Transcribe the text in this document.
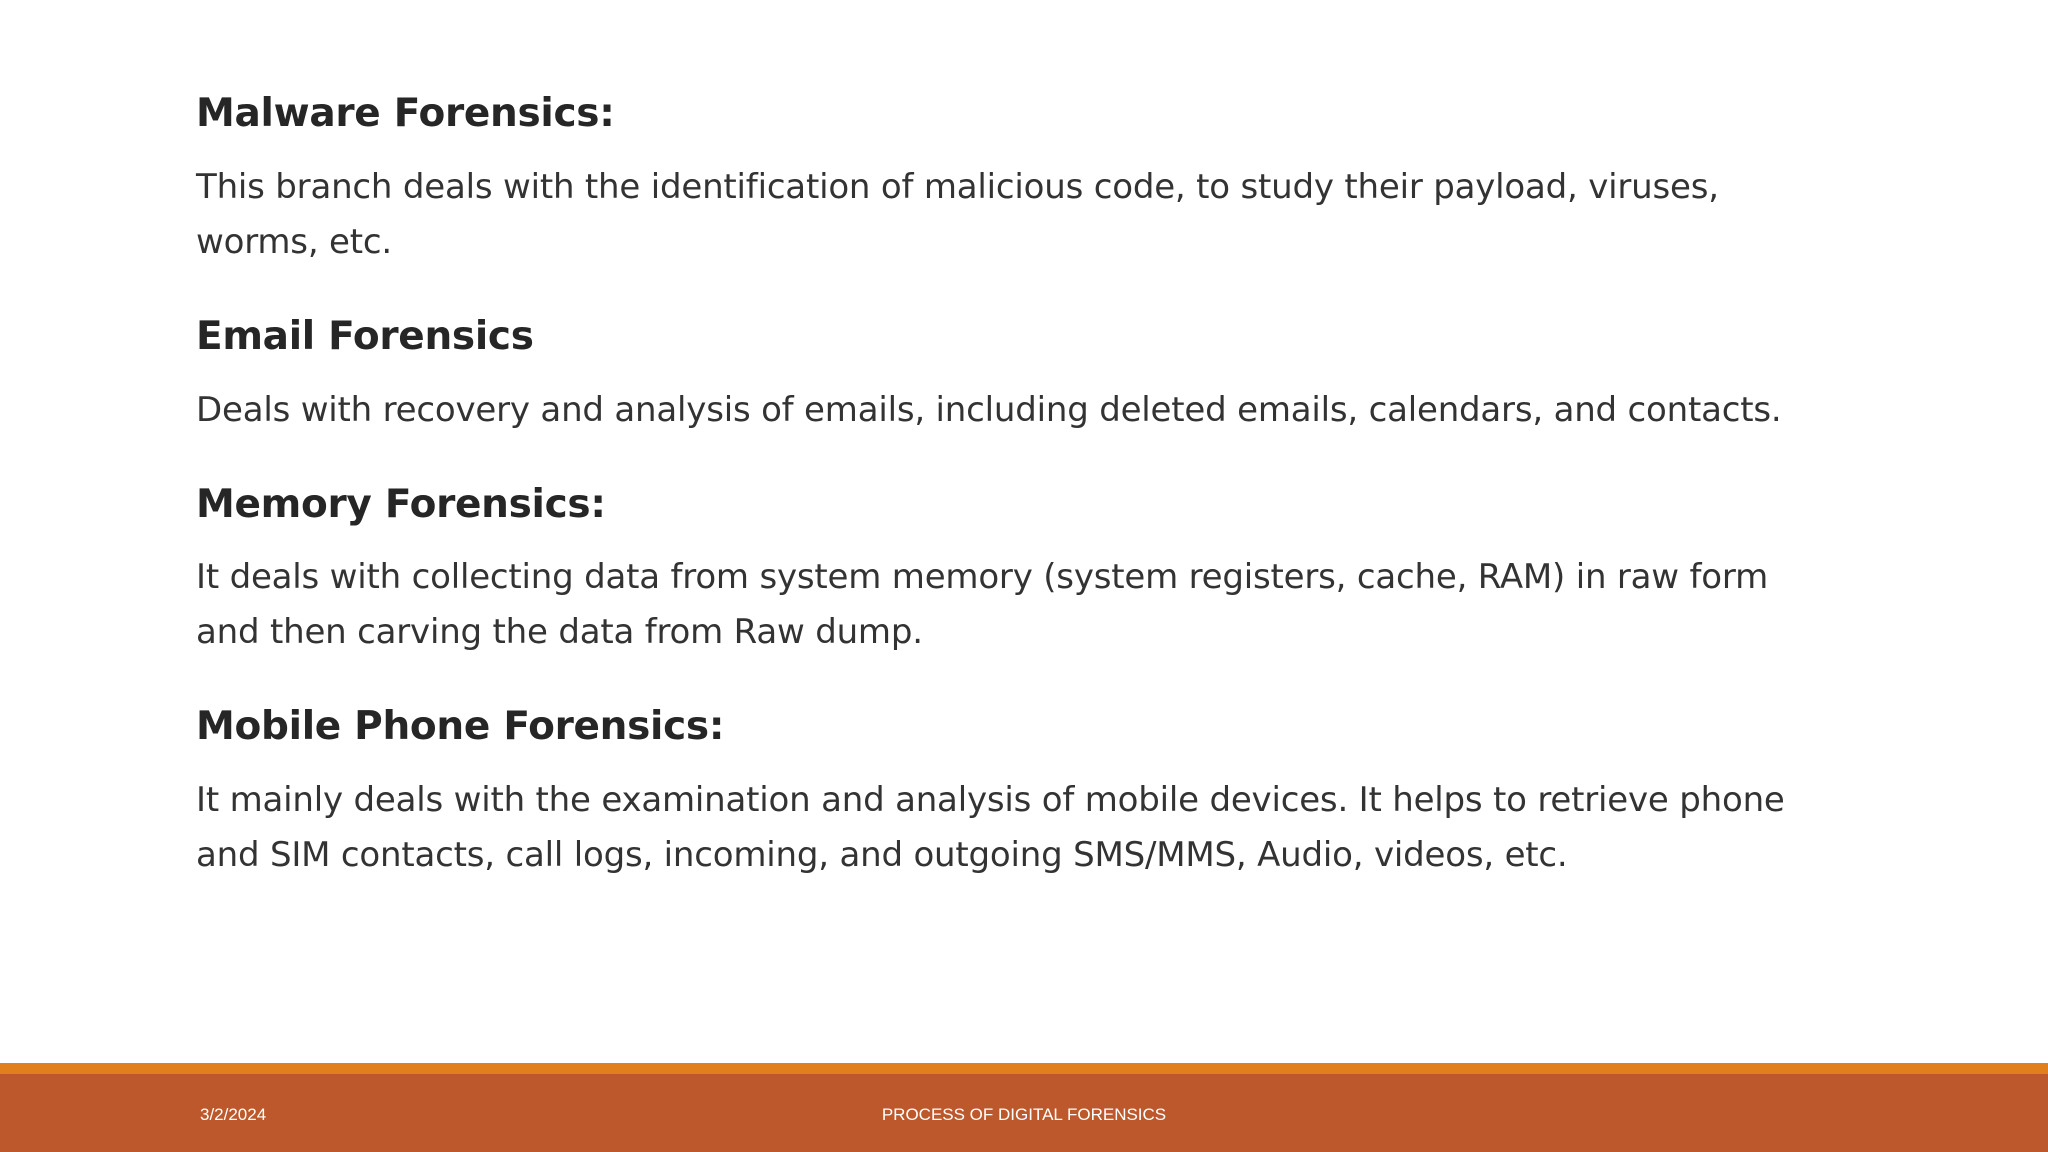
Malware Forensics:

This branch deals with the identification of malicious code, to study their payload, viruses, worms, etc.

Email Forensics

Deals with recovery and analysis of emails, including deleted emails, calendars, and contacts.

Memory Forensics:

It deals with collecting data from system memory (system registers, cache, RAM) in raw form and then carving the data from Raw dump.

Mobile Phone Forensics:

It mainly deals with the examination and analysis of mobile devices. It helps to retrieve phone and SIM contacts, call logs, incoming, and outgoing SMS/MMS, Audio, videos, etc.

3/2/2024	PROCESS OF DIGITAL FORENSICS
